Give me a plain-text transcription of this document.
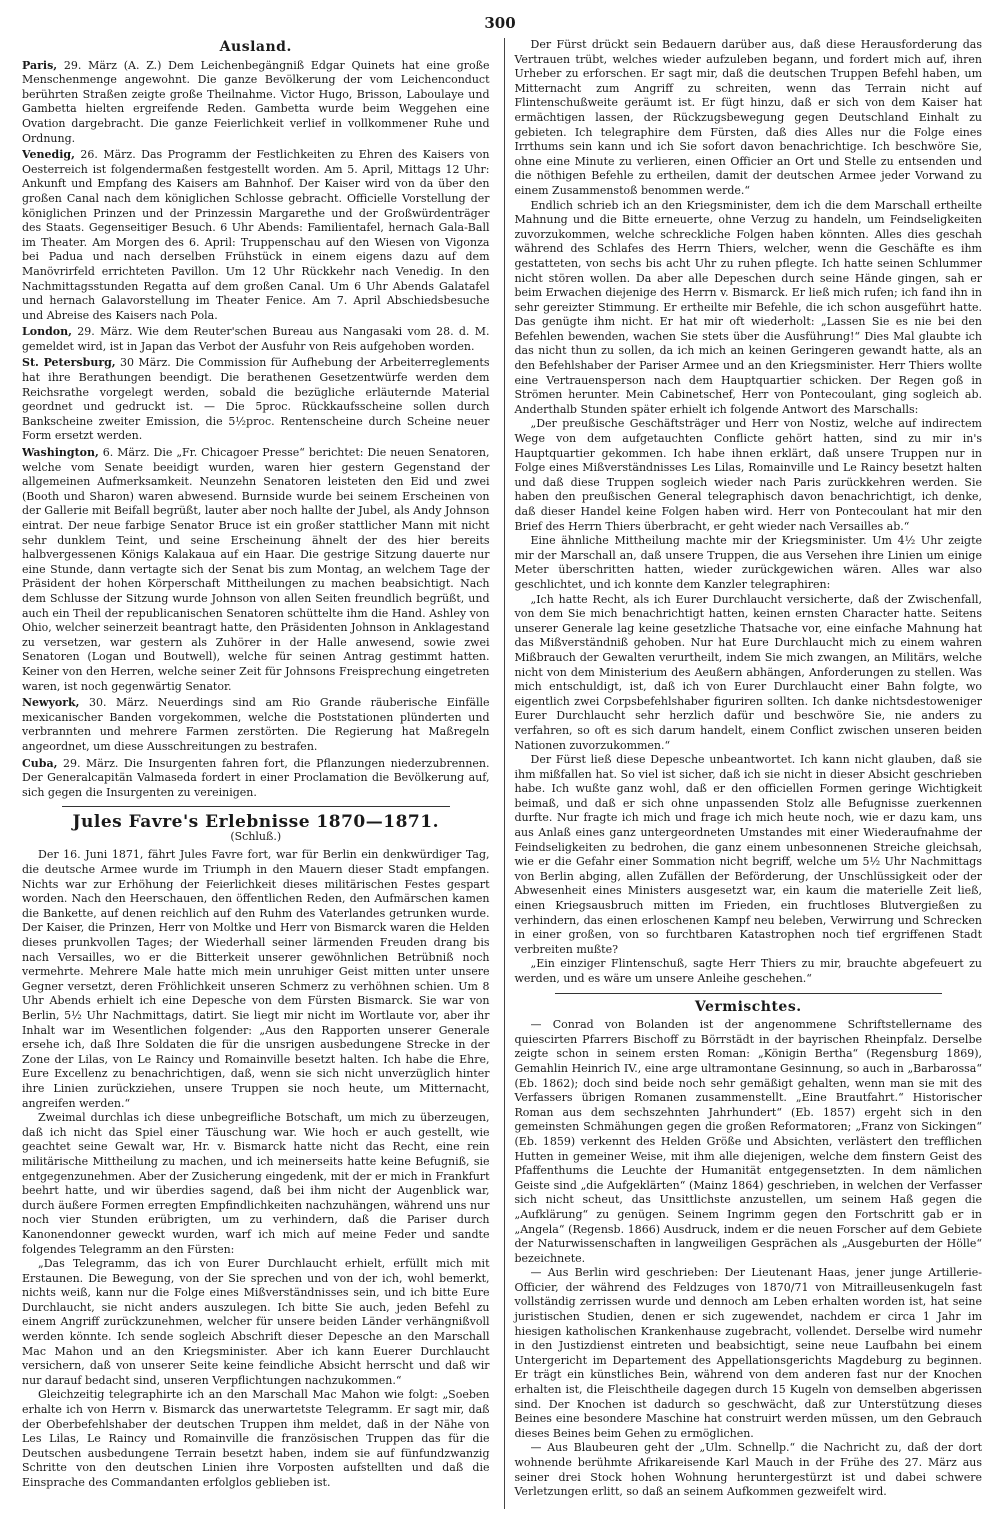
300
Ausland.

Paris, 29. März (A. Z.) Dem Leichenbegängniß Edgar Quinets hat eine große Menschenmenge angewohnt. Die ganze Bevölkerung der vom Leichenconduct berührten Straßen zeigte große Theilnahme. Victor Hugo, Brisson, Laboulaye und Gambetta hielten ergreifende Reden. Gambetta wurde beim Weggehen eine Ovation dargebracht. Die ganze Feierlichkeit verlief in vollkommener Ruhe und Ordnung.

Venedig, 26. März. Das Programm der Festlichkeiten zu Ehren des Kaisers von Oesterreich ist folgendermaßen festgestellt worden. Am 5. April, Mittags 12 Uhr: Ankunft und Empfang des Kaisers am Bahnhof. Der Kaiser wird von da über den großen Canal nach dem königlichen Schlosse gebracht. Officielle Vorstellung der königlichen Prinzen und der Prinzessin Margarethe und der Großwürdenträger des Staats. Gegenseitiger Besuch. 6 Uhr Abends: Familientafel, hernach Gala-Ball im Theater. Am Morgen des 6. April: Truppenschau auf den Wiesen von Vigonza bei Padua und nach derselben Frühstück in einem eigens dazu auf dem Manövrirfeld errichteten Pavillon. Um 12 Uhr Rückkehr nach Venedig. In den Nachmittagsstunden Regatta auf dem großen Canal. Um 6 Uhr Abends Galatafel und hernach Galavorstellung im Theater Fenice. Am 7. April Abschiedsbesuche und Abreise des Kaisers nach Pola.

London, 29. März. Wie dem Reuter'schen Bureau aus Nangasaki vom 28. d. M. gemeldet wird, ist in Japan das Verbot der Ausfuhr von Reis aufgehoben worden.

St. Petersburg, 30 März. Die Commission für Aufhebung der Arbeiterreglements hat ihre Berathungen beendigt. Die berathenen Gesetzentwürfe werden dem Reichsrathe vorgelegt werden, sobald die bezügliche erläuternde Material geordnet und gedruckt ist. — Die 5proc. Rückkaufsscheine sollen durch Bankscheine zweiter Emission, die 5½proc. Rentenscheine durch Scheine neuer Form ersetzt werden.

Washington, 6. März. Die „Fr. Chicagoer Presse“ berichtet: Die neuen Senatoren, welche vom Senate beeidigt wurden, waren hier gestern Gegenstand der allgemeinen Aufmerksamkeit. Neunzehn Senatoren leisteten den Eid und zwei (Booth und Sharon) waren abwesend. Burnside wurde bei seinem Erscheinen von der Gallerie mit Beifall begrüßt, lauter aber noch hallte der Jubel, als Andy Johnson eintrat. Der neue farbige Senator Bruce ist ein großer stattlicher Mann mit nicht sehr dunklem Teint, und seine Erscheinung ähnelt der des hier bereits halbvergessenen Königs Kalakaua auf ein Haar. Die gestrige Sitzung dauerte nur eine Stunde, dann vertagte sich der Senat bis zum Montag, an welchem Tage der Präsident der hohen Körperschaft Mittheilungen zu machen beabsichtigt. Nach dem Schlusse der Sitzung wurde Johnson von allen Seiten freundlich begrüßt, und auch ein Theil der republicanischen Senatoren schüttelte ihm die Hand. Ashley von Ohio, welcher seinerzeit beantragt hatte, den Präsidenten Johnson in Anklagestand zu versetzen, war gestern als Zuhörer in der Halle anwesend, sowie zwei Senatoren (Logan und Boutwell), welche für seinen Antrag gestimmt hatten. Keiner von den Herren, welche seiner Zeit für Johnsons Freisprechung eingetreten waren, ist noch gegenwärtig Senator.

Newyork, 30. März. Neuerdings sind am Rio Grande räuberische Einfälle mexicanischer Banden vorgekommen, welche die Poststationen plünderten und verbrannten und mehrere Farmen zerstörten. Die Regierung hat Maßregeln angeordnet, um diese Ausschreitungen zu bestrafen.

Cuba, 29. März. Die Insurgenten fahren fort, die Pflanzungen niederzubrennen. Der Generalcapitän Valmaseda fordert in einer Proclamation die Bevölkerung auf, sich gegen die Insurgenten zu vereinigen.

Jules Favre's Erlebnisse 1870—1871.
(Schluß.)

Der 16. Juni 1871, fährt Jules Favre fort, war für Berlin ein denkwürdiger Tag, die deutsche Armee wurde im Triumph in den Mauern dieser Stadt empfangen. Nichts war zur Erhöhung der Feierlichkeit dieses militärischen Festes gespart worden. Nach den Heerschauen, den öffentlichen Reden, den Aufmärschen kamen die Bankette, auf denen reichlich auf den Ruhm des Vaterlandes getrunken wurde. Der Kaiser, die Prinzen, Herr von Moltke und Herr von Bismarck waren die Helden dieses prunkvollen Tages; der Wiederhall seiner lärmenden Freuden drang bis nach Versailles, wo er die Bitterkeit unserer gewöhnlichen Betrübniß noch vermehrte. Mehrere Male hatte mich mein unruhiger Geist mitten unter unsere Gegner versetzt, deren Fröhlichkeit unseren Schmerz zu verhöhnen schien. Um 8 Uhr Abends erhielt ich eine Depesche von dem Fürsten Bismarck. Sie war von Berlin, 5½ Uhr Nachmittags, datirt. Sie liegt mir nicht im Wortlaute vor, aber ihr Inhalt war im Wesentlichen folgender: „Aus den Rapporten unserer Generale ersehe ich, daß Ihre Soldaten die für die unsrigen ausbedungene Strecke in der Zone der Lilas, von Le Raincy und Romainville besetzt halten. Ich habe die Ehre, Eure Excellenz zu benachrichtigen, daß, wenn sie sich nicht unverzüglich hinter ihre Linien zurückziehen, unsere Truppen sie noch heute, um Mitternacht, angreifen werden.“

Zweimal durchlas ich diese unbegreifliche Botschaft, um mich zu überzeugen, daß ich nicht das Spiel einer Täuschung war. Wie hoch er auch gestellt, wie geachtet seine Gewalt war, Hr. v. Bismarck hatte nicht das Recht, eine rein militärische Mittheilung zu machen, und ich meinerseits hatte keine Befugniß, sie entgegenzunehmen. Aber der Zusicherung eingedenk, mit der er mich in Frankfurt beehrt hatte, und wir überdies sagend, daß bei ihm nicht der Augenblick war, durch äußere Formen erregten Empfindlichkeiten nachzuhängen, während uns nur noch vier Stunden erübrigten, um zu verhindern, daß die Pariser durch Kanonendonner geweckt wurden, warf ich mich auf meine Feder und sandte folgendes Telegramm an den Fürsten:

„Das Telegramm, das ich von Eurer Durchlaucht erhielt, erfüllt mich mit Erstaunen. Die Bewegung, von der Sie sprechen und von der ich, wohl bemerkt, nichts weiß, kann nur die Folge eines Mißverständnisses sein, und ich bitte Eure Durchlaucht, sie nicht anders auszulegen. Ich bitte Sie auch, jeden Befehl zu einem Angriff zurückzunehmen, welcher für unsere beiden Länder verhängnißvoll werden könnte. Ich sende sogleich Abschrift dieser Depesche an den Marschall Mac Mahon und an den Kriegsminister. Aber ich kann Euerer Durchlaucht versichern, daß von unserer Seite keine feindliche Absicht herrscht und daß wir nur darauf bedacht sind, unseren Verpflichtungen nachzukommen.“

Gleichzeitig telegraphirte ich an den Marschall Mac Mahon wie folgt: „Soeben erhalte ich von Herrn v. Bismarck das unerwartetste Telegramm. Er sagt mir, daß der Oberbefehlshaber der deutschen Truppen ihm meldet, daß in der Nähe von Les Lilas, Le Raincy und Romainville die französischen Truppen das für die Deutschen ausbedungene Terrain besetzt haben, indem sie auf fünfundzwanzig Schritte von den deutschen Linien ihre Vorposten aufstellten und daß die Einsprache des Commandanten erfolglos geblieben ist.

Der Fürst drückt sein Bedauern darüber aus, daß diese Herausforderung das Vertrauen trübt, welches wieder aufzuleben begann, und fordert mich auf, ihren Urheber zu erforschen. Er sagt mir, daß die deutschen Truppen Befehl haben, um Mitternacht zum Angriff zu schreiten, wenn das Terrain nicht auf Flintenschußweite geräumt ist. Er fügt hinzu, daß er sich von dem Kaiser hat ermächtigen lassen, der Rückzugsbewegung gegen Deutschland Einhalt zu gebieten. Ich telegraphire dem Fürsten, daß dies Alles nur die Folge eines Irrthums sein kann und ich Sie sofort davon benachrichtige. Ich beschwöre Sie, ohne eine Minute zu verlieren, einen Officier an Ort und Stelle zu entsenden und die nöthigen Befehle zu ertheilen, damit der deutschen Armee jeder Vorwand zu einem Zusammenstoß benommen werde.“

Endlich schrieb ich an den Kriegsminister, dem ich die dem Marschall ertheilte Mahnung und die Bitte erneuerte, ohne Verzug zu handeln, um Feindseligkeiten zuvorzukommen, welche schreckliche Folgen haben könnten. Alles dies geschah während des Schlafes des Herrn Thiers, welcher, wenn die Geschäfte es ihm gestatteten, von sechs bis acht Uhr zu ruhen pflegte. Ich hatte seinen Schlummer nicht stören wollen. Da aber alle Depeschen durch seine Hände gingen, sah er beim Erwachen diejenige des Herrn v. Bismarck. Er ließ mich rufen; ich fand ihn in sehr gereizter Stimmung. Er ertheilte mir Befehle, die ich schon ausgeführt hatte. Das genügte ihm nicht. Er hat mir oft wiederholt: „Lassen Sie es nie bei den Befehlen bewenden, wachen Sie stets über die Ausführung!“ Dies Mal glaubte ich das nicht thun zu sollen, da ich mich an keinen Geringeren gewandt hatte, als an den Befehlshaber der Pariser Armee und an den Kriegsminister. Herr Thiers wollte eine Vertrauensperson nach dem Hauptquartier schicken. Der Regen goß in Strömen herunter. Mein Cabinetschef, Herr von Pontecoulant, ging sogleich ab. Anderthalb Stunden später erhielt ich folgende Antwort des Marschalls:

„Der preußische Geschäftsträger und Herr von Nostiz, welche auf indirectem Wege von dem aufgetauchten Conflicte gehört hatten, sind zu mir in's Hauptquartier gekommen. Ich habe ihnen erklärt, daß unsere Truppen nur in Folge eines Mißverständnisses Les Lilas, Romainville und Le Raincy besetzt halten und daß diese Truppen sogleich wieder nach Paris zurückkehren werden. Sie haben den preußischen General telegraphisch davon benachrichtigt, ich denke, daß dieser Handel keine Folgen haben wird. Herr von Pontecoulant hat mir den Brief des Herrn Thiers überbracht, er geht wieder nach Versailles ab.“

Eine ähnliche Mittheilung machte mir der Kriegsminister. Um 4½ Uhr zeigte mir der Marschall an, daß unsere Truppen, die aus Versehen ihre Linien um einige Meter überschritten hatten, wieder zurückgewichen wären. Alles war also geschlichtet, und ich konnte dem Kanzler telegraphiren:

„Ich hatte Recht, als ich Eurer Durchlaucht versicherte, daß der Zwischenfall, von dem Sie mich benachrichtigt hatten, keinen ernsten Character hatte. Seitens unserer Generale lag keine gesetzliche Thatsache vor, eine einfache Mahnung hat das Mißverständniß gehoben. Nur hat Eure Durchlaucht mich zu einem wahren Mißbrauch der Gewalten verurtheilt, indem Sie mich zwangen, an Militärs, welche nicht von dem Ministerium des Aeußern abhängen, Anforderungen zu stellen. Was mich entschuldigt, ist, daß ich von Eurer Durchlaucht einer Bahn folgte, wo eigentlich zwei Corpsbefehlshaber figuriren sollten. Ich danke nichtsdestoweniger Eurer Durchlaucht sehr herzlich dafür und beschwöre Sie, nie anders zu verfahren, so oft es sich darum handelt, einem Conflict zwischen unseren beiden Nationen zuvorzukommen.“

Der Fürst ließ diese Depesche unbeantwortet. Ich kann nicht glauben, daß sie ihm mißfallen hat. So viel ist sicher, daß ich sie nicht in dieser Absicht geschrieben habe. Ich wußte ganz wohl, daß er den officiellen Formen geringe Wichtigkeit beimaß, und daß er sich ohne unpassenden Stolz alle Befugnisse zuerkennen durfte. Nur fragte ich mich und frage ich mich heute noch, wie er dazu kam, uns aus Anlaß eines ganz untergeordneten Umstandes mit einer Wiederaufnahme der Feindseligkeiten zu bedrohen, die ganz einem unbesonnenen Streiche gleichsah, wie er die Gefahr einer Sommation nicht begriff, welche um 5½ Uhr Nachmittags von Berlin abging, allen Zufällen der Beförderung, der Unschlüssigkeit oder der Abwesenheit eines Ministers ausgesetzt war, ein kaum die materielle Zeit ließ, einen Kriegsausbruch mitten im Frieden, ein fruchtloses Blutvergießen zu verhindern, das einen erloschenen Kampf neu beleben, Verwirrung und Schrecken in einer großen, von so furchtbaren Katastrophen noch tief ergriffenen Stadt verbreiten mußte?

„Ein einziger Flintenschuß, sagte Herr Thiers zu mir, brauchte abgefeuert zu werden, und es wäre um unsere Anleihe geschehen.“

Vermischtes.

— Conrad von Bolanden ist der angenommene Schriftstellername des quiescirten Pfarrers Bischoff zu Börrstädt in der bayrischen Rheinpfalz. Derselbe zeigte schon in seinem ersten Roman: „Königin Bertha“ (Regensburg 1869), Gemahlin Heinrich IV., eine arge ultramontane Gesinnung, so auch in „Barbarossa“ (Eb. 1862); doch sind beide noch sehr gemäßigt gehalten, wenn man sie mit des Verfassers übrigen Romanen zusammenstellt. „Eine Brautfahrt.“ Historischer Roman aus dem sechszehnten Jahrhundert“ (Eb. 1857) ergeht sich in den gemeinsten Schmähungen gegen die großen Reformatoren; „Franz von Sickingen“ (Eb. 1859) verkennt des Helden Größe und Absichten, verlästert den trefflichen Hutten in gemeiner Weise, mit ihm alle diejenigen, welche dem finstern Geist des Pfaffenthums die Leuchte der Humanität entgegensetzten. In dem nämlichen Geiste sind „die Aufgeklärten“ (Mainz 1864) geschrieben, in welchen der Verfasser sich nicht scheut, das Unsittlichste anzustellen, um seinem Haß gegen die „Aufklärung“ zu genügen. Seinem Ingrimm gegen den Fortschritt gab er in „Angela“ (Regensb. 1866) Ausdruck, indem er die neuen Forscher auf dem Gebiete der Naturwissenschaften in langweiligen Gesprächen als „Ausgeburten der Hölle“ bezeichnete.

— Aus Berlin wird geschrieben: Der Lieutenant Haas, jener junge Artillerie-Officier, der während des Feldzuges von 1870/71 von Mitrailleusenkugeln fast vollständig zerrissen wurde und dennoch am Leben erhalten worden ist, hat seine juristischen Studien, denen er sich zugewendet, nachdem er circa 1 Jahr im hiesigen katholischen Krankenhause zugebracht, vollendet. Derselbe wird numehr in den Justizdienst eintreten und beabsichtigt, seine neue Laufbahn bei einem Untergericht im Departement des Appellationsgerichts Magdeburg zu beginnen. Er trägt ein künstliches Bein, während von dem anderen fast nur der Knochen erhalten ist, die Fleischtheile dagegen durch 15 Kugeln von demselben abgerissen sind. Der Knochen ist dadurch so geschwächt, daß zur Unterstützung dieses Beines eine besondere Maschine hat construirt werden müssen, um den Gebrauch dieses Beines beim Gehen zu ermöglichen.

— Aus Blaubeuren geht der „Ulm. Schnellp.“ die Nachricht zu, daß der dort wohnende berühmte Afrikareisende Karl Mauch in der Frühe des 27. März aus seiner drei Stock hohen Wohnung heruntergestürzt ist und dabei schwere Verletzungen erlitt, so daß an seinem Aufkommen gezweifelt wird.
